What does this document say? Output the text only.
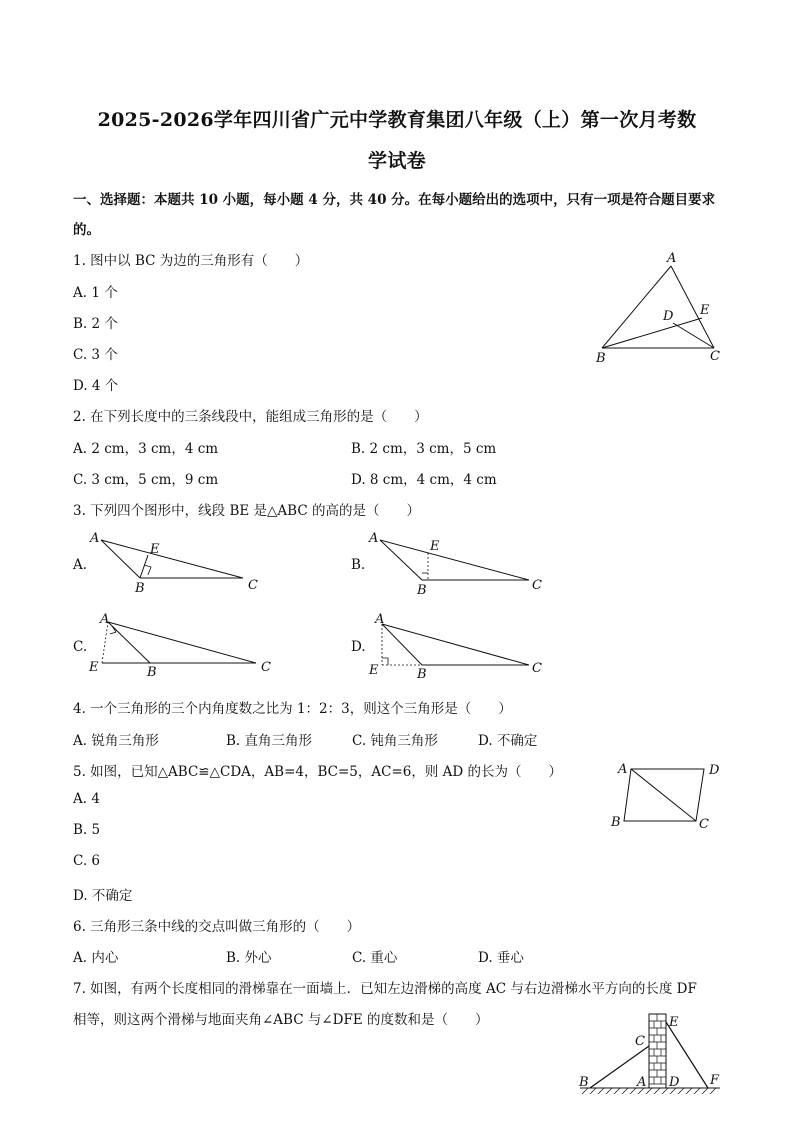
2025-2026学年四川省广元中学教育集团八年级（上）第一次月考数
学试卷
一、选择题：本题共 10 小题，每小题 4 分，共 40 分。在每小题给出的选项中，只有一项是符合题目要求
的。
1. 图中以 BC 为边的三角形有（　　）
A. 1 个
B. 2 个
C. 3 个
D. 4 个
A
B	C
D E
2. 在下列长度中的三条线段中，能组成三角形的是（　　）
A. 2 cm，3 cm，4 cm	B. 2 cm，3 cm，5 cm
C. 3 cm，5 cm，9 cm	D. 8 cm，4 cm，4 cm
3. 下列四个图形中，线段 BE 是△ABC 的高的是（　　）
A.
A
B	C
E
B.
A
B	C
E
C.
A
B	C
E
D.
A
B	C
E
4. 一个三角形的三个内角度数之比为 1：2：3，则这个三角形是（　　）
A. 锐角三角形	B. 直角三角形	C. 钝角三角形	D. 不确定
5. 如图，已知△ABC≌△CDA，AB=4，BC=5，AC=6，则 AD 的长为（　　）
A. 4
B. 5
C. 6
D. 不确定
A	D
B	C
6. 三角形三条中线的交点叫做三角形的（　　）
A. 内心	B. 外心	C. 重心	D. 垂心
7. 如图，有两个长度相同的滑梯靠在一面墙上．已知左边滑梯的高度 AC 与右边滑梯水平方向的长度 DF
相等，则这两个滑梯与地面夹角∠ABC 与∠DFE 的度数和是（　　）
B
C
A D
E
F
